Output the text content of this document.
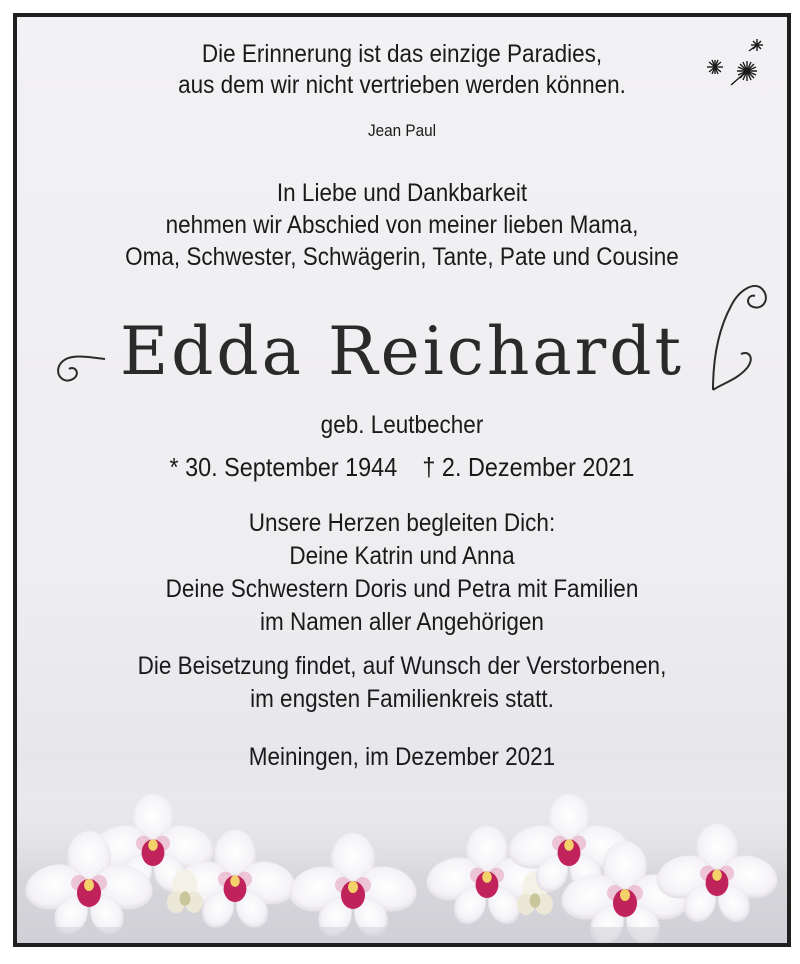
Die Erinnerung ist das einzige Paradies,
aus dem wir nicht vertrieben werden können.
Jean Paul
In Liebe und Dankbarkeit
nehmen wir Abschied von meiner lieben Mama,
Oma, Schwester, Schwägerin, Tante, Pate und Cousine
Edda Reichardt
geb. Leutbecher
* 30. September 1944 † 2. Dezember 2021
Unsere Herzen begleiten Dich:
Deine Katrin und Anna
Deine Schwestern Doris und Petra mit Familien
im Namen aller Angehörigen
Die Beisetzung findet, auf Wunsch der Verstorbenen,
im engsten Familienkreis statt.
Meiningen, im Dezember 2021
